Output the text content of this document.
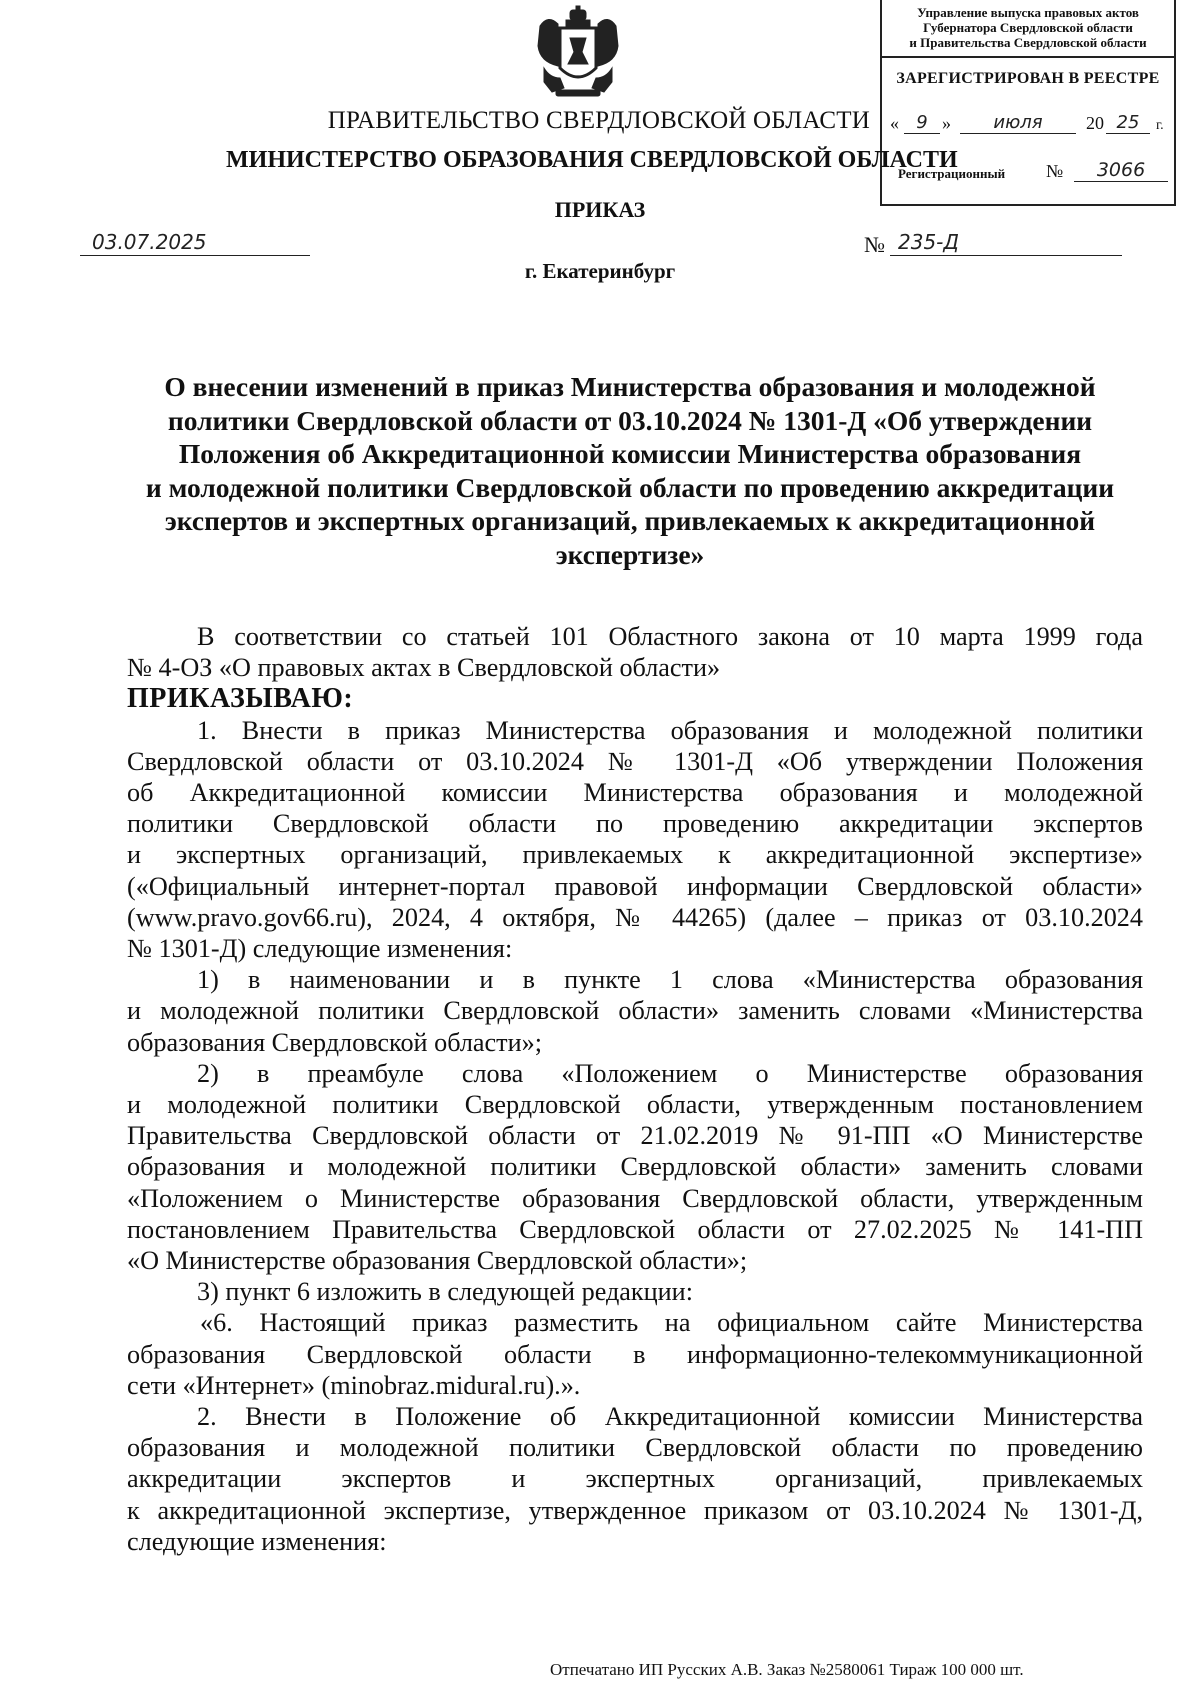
Управление выпуска правовых актов
Губернатора Свердловской области
и Правительства Свердловской области
ЗАРЕГИСТРИРОВАН В РЕЕСТРЕ
« 9 »	июля	20 25	г.
Регистрационный №	3066
ПРАВИТЕЛЬСТВО СВЕРДЛОВСКОЙ ОБЛАСТИ
МИНИСТЕРСТВО ОБРАЗОВАНИЯ СВЕРДЛОВСКОЙ ОБЛАСТИ
ПРИКАЗ
03.07.2025	№ 235-Д
г. Екатеринбург
О внесении изменений в приказ Министерства образования и молодежной
политики Свердловской области от 03.10.2024 № 1301-Д «Об утверждении
Положения об Аккредитационной комиссии Министерства образования
и молодежной политики Свердловской области по проведению аккредитации
экспертов и экспертных организаций, привлекаемых к аккредитационной
экспертизе»
В соответствии со статьей 101 Областного закона от 10 марта 1999 года
№ 4-ОЗ «О правовых актах в Свердловской области»
ПРИКАЗЫВАЮ:
1. Внести в приказ Министерства образования и молодежной политики
Свердловской области от 03.10.2024 № 1301-Д «Об утверждении Положения
об Аккредитационной комиссии Министерства образования и молодежной
политики Свердловской области по проведению аккредитации экспертов
и экспертных организаций, привлекаемых к аккредитационной экспертизе»
(«Официальный интернет-портал правовой информации Свердловской области»
(www.pravo.gov66.ru), 2024, 4 октября, № 44265) (далее – приказ от 03.10.2024
№ 1301-Д) следующие изменения:
1) в наименовании и в пункте 1 слова «Министерства образования
и молодежной политики Свердловской области» заменить словами «Министерства
образования Свердловской области»;
2) в преамбуле слова «Положением о Министерстве образования
и молодежной политики Свердловской области, утвержденным постановлением
Правительства Свердловской области от 21.02.2019 № 91-ПП «О Министерстве
образования и молодежной политики Свердловской области» заменить словами
«Положением о Министерстве образования Свердловской области, утвержденным
постановлением Правительства Свердловской области от 27.02.2025 № 141-ПП
«О Министерстве образования Свердловской области»;
3) пункт 6 изложить в следующей редакции:
«6. Настоящий приказ разместить на официальном сайте Министерства
образования Свердловской области в информационно-телекоммуникационной
сети «Интернет» (minobraz.midural.ru).».
2. Внести в Положение об Аккредитационной комиссии Министерства
образования и молодежной политики Свердловской области по проведению
аккредитации экспертов и экспертных организаций, привлекаемых
к аккредитационной экспертизе, утвержденное приказом от 03.10.2024 № 1301-Д,
следующие изменения:
Отпечатано ИП Русских А.В. Заказ №2580061 Тираж 100 000 шт.
